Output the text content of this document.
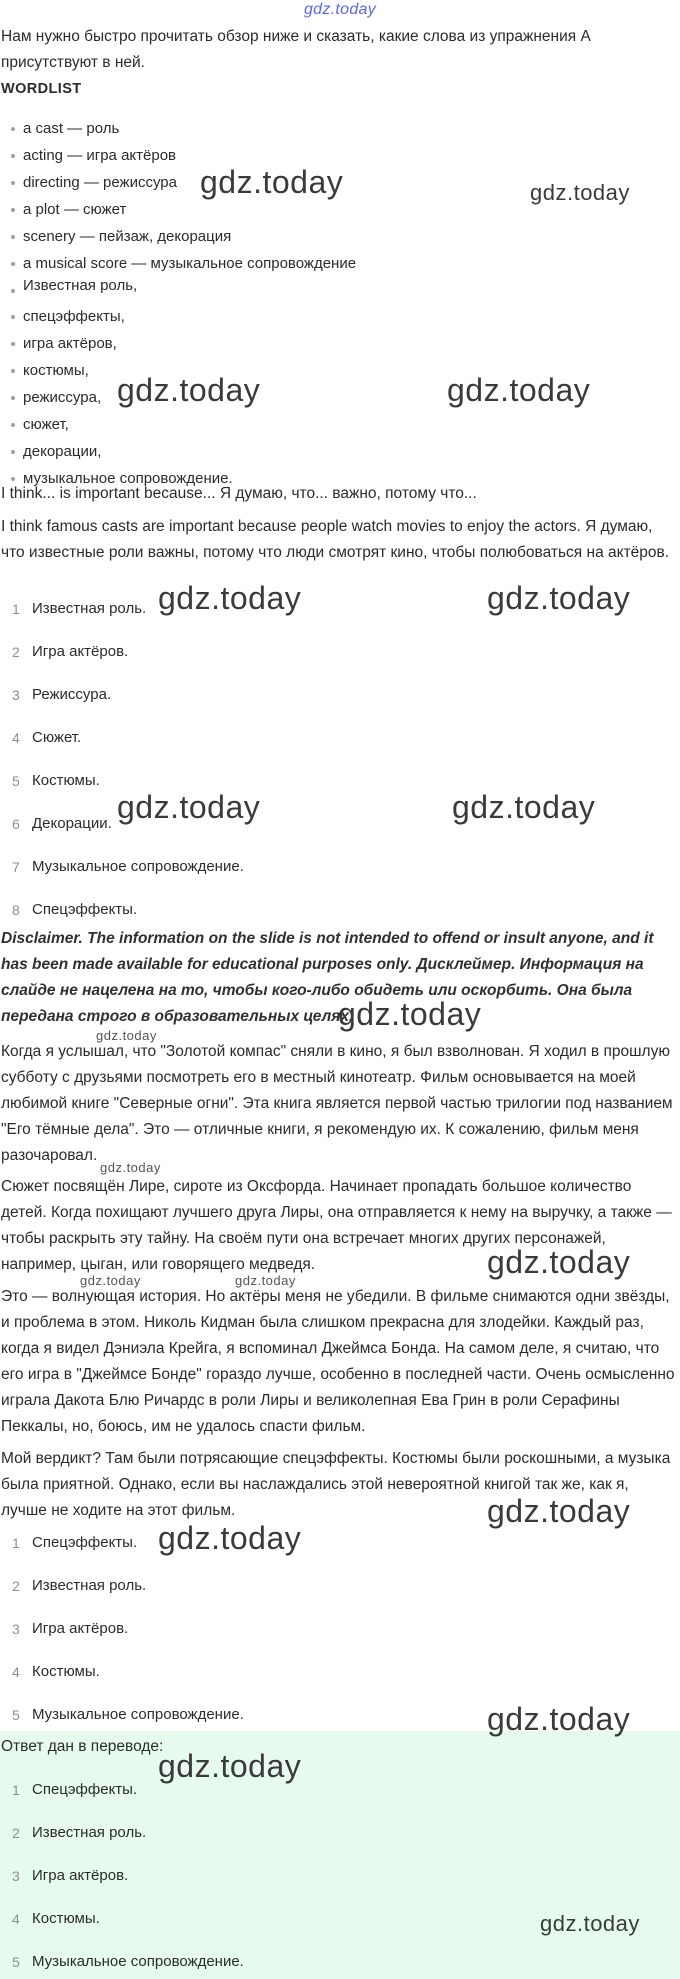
gdz.today
Нам нужно быстро прочитать обзор ниже и сказать, какие слова из упражнения A присутствуют в ней.
WORDLIST
a cast — роль
acting — игра актёров
directing — режиссура
a plot — сюжет
scenery — пейзаж, декорация
a musical score — музыкальное сопровождение
Известная роль,
спецэффекты,
игра актёров,
костюмы,
режиссура,
сюжет,
декорации,
музыкальное сопровождение.
I think... is important because... Я думаю, что... важно, потому что...
I think famous casts are important because people watch movies to enjoy the actors. Я думаю, что известные роли важны, потому что люди смотрят кино, чтобы полюбоваться на актёров.
1 Известная роль.
2 Игра актёров.
3 Режиссура.
4 Сюжет.
5 Костюмы.
6 Декорации.
7 Музыкальное сопровождение.
8 Спецэффекты.
Disclaimer. The information on the slide is not intended to offend or insult anyone, and it has been made available for educational purposes only. Дисклеймер. Информация на слайде не нацелена на то, чтобы кого-либо обидеть или оскорбить. Она была передана строго в образовательных целях.
Когда я услышал, что "Золотой компас" сняли в кино, я был взволнован. Я ходил в прошлую субботу с друзьями посмотреть его в местный кинотеатр. Фильм основывается на моей любимой книге "Северные огни". Эта книга является первой частью трилогии под названием "Его тёмные дела". Это — отличные книги, я рекомендую их. К сожалению, фильм меня разочаровал.
Сюжет посвящён Лире, сироте из Оксфорда. Начинает пропадать большое количество детей. Когда похищают лучшего друга Лиры, она отправляется к нему на выручку, а также — чтобы раскрыть эту тайну. На своём пути она встречает многих других персонажей, например, цыган, или говорящего медведя.
Это — волнующая история. Но актёры меня не убедили. В фильме снимаются одни звёзды, и проблема в этом. Николь Кидман была слишком прекрасна для злодейки. Каждый раз, когда я видел Дэниэла Крейга, я вспоминал Джеймса Бонда. На самом деле, я считаю, что его игра в "Джеймсе Бонде" гораздо лучше, особенно в последней части. Очень осмысленно играла Дакота Блю Ричардс в роли Лиры и великолепная Ева Грин в роли Серафины Пеккалы, но, боюсь, им не удалось спасти фильм.
Мой вердикт? Там были потрясающие спецэффекты. Костюмы были роскошными, а музыка была приятной. Однако, если вы наслаждались этой невероятной книгой так же, как я, лучше не ходите на этот фильм.
1 Спецэффекты.
2 Известная роль.
3 Игра актёров.
4 Костюмы.
5 Музыкальное сопровождение.
Ответ дан в переводе:
1 Спецэффекты.
2 Известная роль.
3 Игра актёров.
4 Костюмы.
5 Музыкальное сопровождение.
gdz.today	gdz.today
gdz.today	gdz.today
gdz.today	gdz.today
gdz.today	gdz.today
gdz.today
gdz.today
gdz.today
gdz.today
gdz.today	gdz.today
gdz.today
gdz.today
gdz.today
gdz.today
gdz.today
